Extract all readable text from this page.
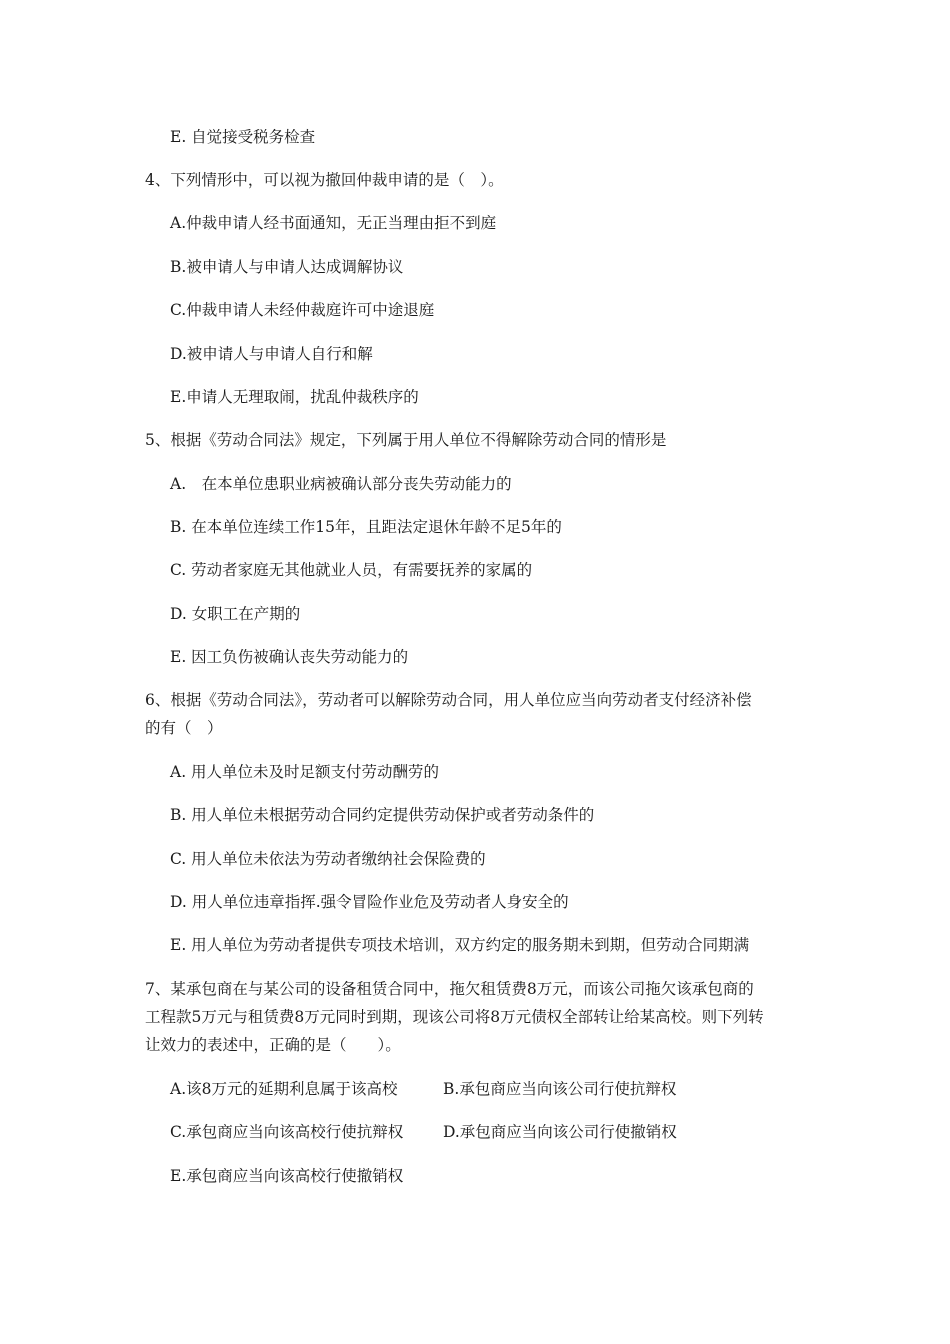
E. 自觉接受税务检查
4、下列情形中，可以视为撤回仲裁申请的是（　）。
A.仲裁申请人经书面通知，无正当理由拒不到庭
B.被申请人与申请人达成调解协议
C.仲裁申请人未经仲裁庭许可中途退庭
D.被申请人与申请人自行和解
E.申请人无理取闹，扰乱仲裁秩序的
5、根据《劳动合同法》规定，下列属于用人单位不得解除劳动合同的情形是
A.　在本单位患职业病被确认部分丧失劳动能力的
B. 在本单位连续工作15年，且距法定退休年龄不足5年的
C. 劳动者家庭无其他就业人员，有需要抚养的家属的
D. 女职工在产期的
E. 因工负伤被确认丧失劳动能力的
6、根据《劳动合同法》，劳动者可以解除劳动合同，用人单位应当向劳动者支付经济补偿
的有（　）
A. 用人单位未及时足额支付劳动酬劳的
B. 用人单位未根据劳动合同约定提供劳动保护或者劳动条件的
C. 用人单位未依法为劳动者缴纳社会保险费的
D. 用人单位违章指挥.强令冒险作业危及劳动者人身安全的
E. 用人单位为劳动者提供专项技术培训，双方约定的服务期未到期，但劳动合同期满
7、某承包商在与某公司的设备租赁合同中，拖欠租赁费8万元，而该公司拖欠该承包商的
工程款5万元与租赁费8万元同时到期，现该公司将8万元债权全部转让给某高校。则下列转
让效力的表述中，正确的是（　　）。
A.该8万元的延期利息属于该高校	B.承包商应当向该公司行使抗辩权
C.承包商应当向该高校行使抗辩权	D.承包商应当向该公司行使撤销权
E.承包商应当向该高校行使撤销权
